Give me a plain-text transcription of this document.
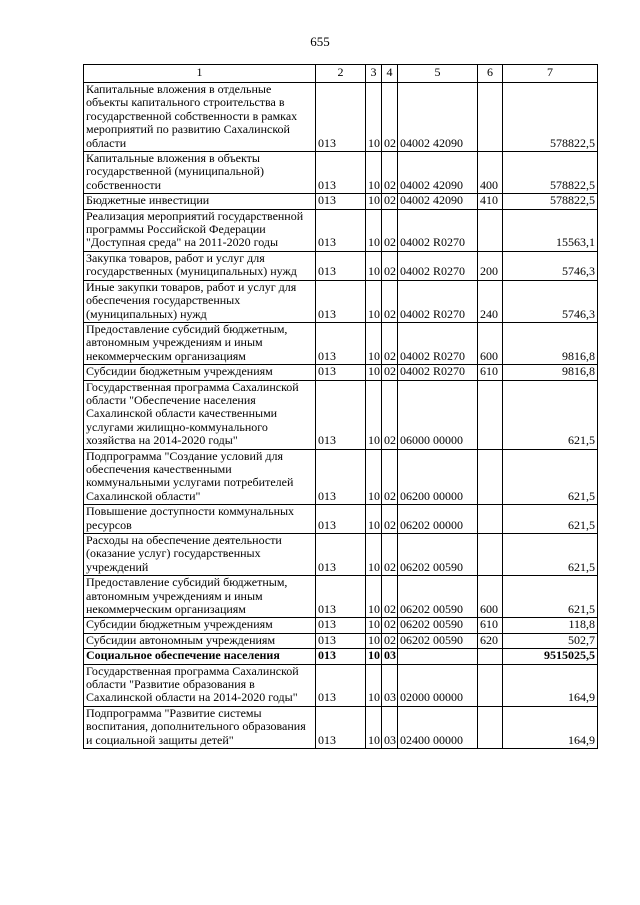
655
1	2	3	4	5	6	7
Капитальные вложения в отдельные объекты капитального строительства в государственной собственности в рамках мероприятий по развитию Сахалинской области	013	10	02	04002 42090		578822,5
Капитальные вложения в объекты государственной (муниципальной) собственности	013	10	02	04002 42090	400	578822,5
Бюджетные инвестиции	013	10	02	04002 42090	410	578822,5
Реализация мероприятий государственной программы Российской Федерации "Доступная среда" на 2011-2020 годы	013	10	02	04002 R0270		15563,1
Закупка товаров, работ и услуг для государственных (муниципальных) нужд	013	10	02	04002 R0270	200	5746,3
Иные закупки товаров, работ и услуг для обеспечения государственных (муниципальных) нужд	013	10	02	04002 R0270	240	5746,3
Предоставление субсидий бюджетным, автономным учреждениям и иным некоммерческим организациям	013	10	02	04002 R0270	600	9816,8
Субсидии бюджетным учреждениям	013	10	02	04002 R0270	610	9816,8
Государственная программа Сахалинской области "Обеспечение населения Сахалинской области качественными услугами жилищно-коммунального хозяйства на 2014-2020 годы"	013	10	02	06000 00000		621,5
Подпрограмма "Создание условий для обеспечения качественными коммунальными услугами потребителей Сахалинской области"	013	10	02	06200 00000		621,5
Повышение доступности коммунальных ресурсов	013	10	02	06202 00000		621,5
Расходы на обеспечение деятельности (оказание услуг) государственных учреждений	013	10	02	06202 00590		621,5
Предоставление субсидий бюджетным, автономным учреждениям и иным некоммерческим организациям	013	10	02	06202 00590	600	621,5
Субсидии бюджетным учреждениям	013	10	02	06202 00590	610	118,8
Субсидии автономным учреждениям	013	10	02	06202 00590	620	502,7
Социальное обеспечение населения	013	10	03			9515025,5
Государственная программа Сахалинской области "Развитие образования в Сахалинской области на 2014-2020 годы"	013	10	03	02000 00000		164,9
Подпрограмма "Развитие системы воспитания, дополнительного образования и социальной защиты детей"	013	10	03	02400 00000		164,9
